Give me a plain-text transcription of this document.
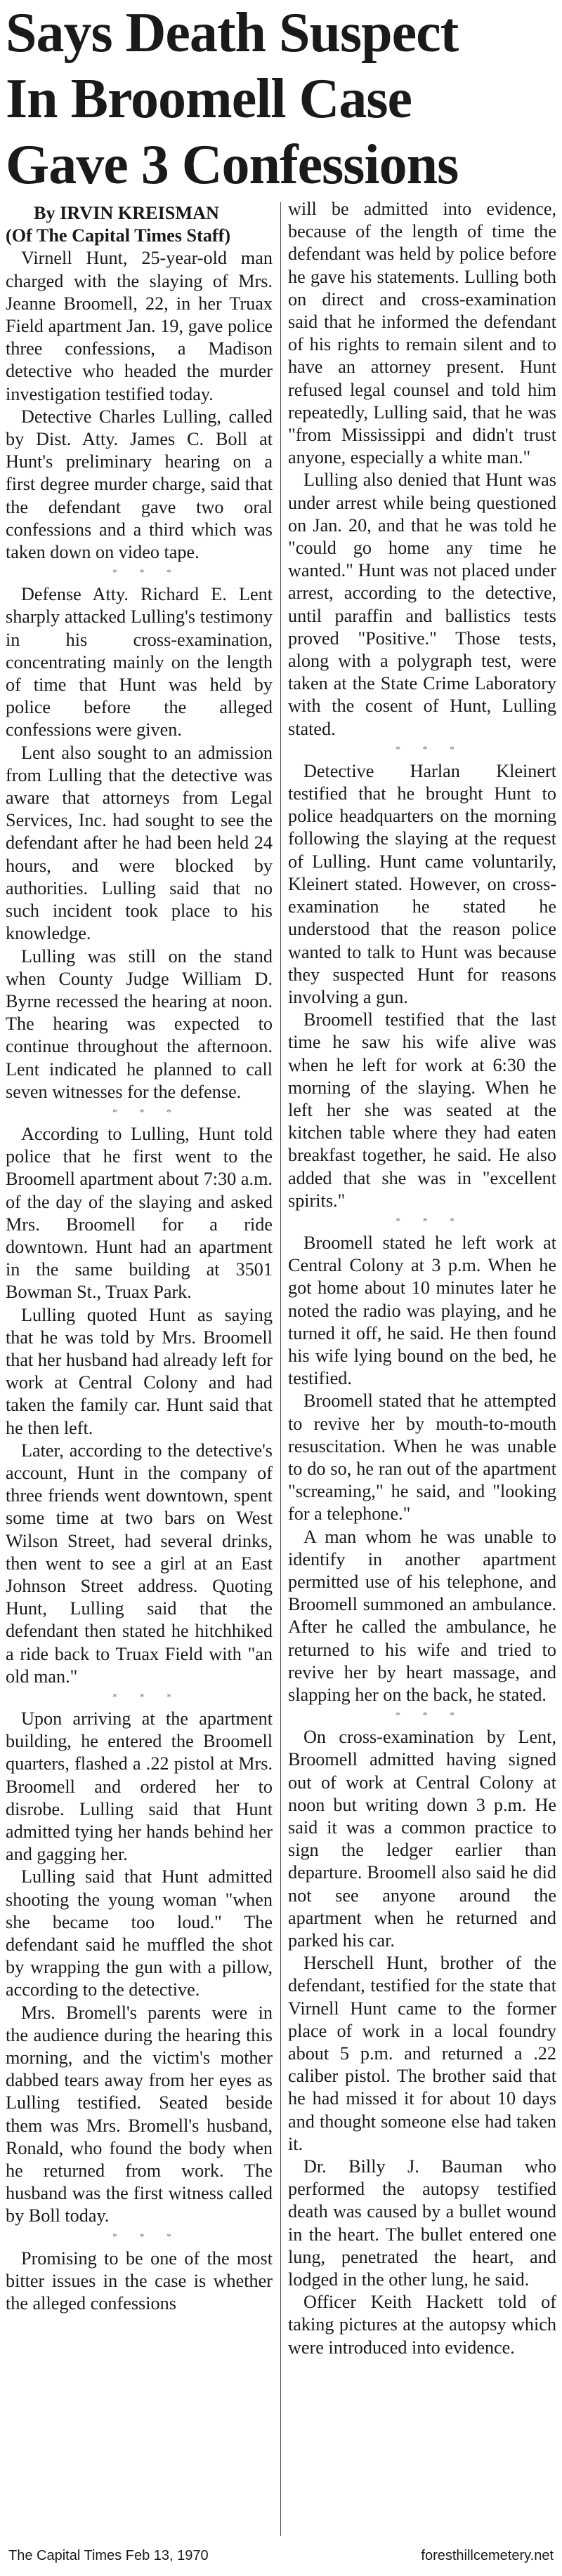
Says Death Suspect
In Broomell Case
Gave 3 Confessions

By IRVIN KREISMAN

(Of The Capital Times Staff)

Virnell Hunt, 25-year-old man charged with the slaying of Mrs. Jeanne Broomell, 22, in her Truax Field apartment Jan. 19, gave police three confessions, a Madison detective who headed the murder investigation testified today.

Detective Charles Lulling, called by Dist. Atty. James C. Boll at Hunt's preliminary hearing on a first degree murder charge, said that the defendant gave two oral confessions and a third which was taken down on video tape.

* * *

Defense Atty. Richard E. Lent sharply attacked Lulling's testimony in his cross-examination, concentrating mainly on the length of time that Hunt was held by police before the alleged confessions were given.

Lent also sought to an admission from Lulling that the detective was aware that attorneys from Legal Services, Inc. had sought to see the defendant after he had been held 24 hours, and were blocked by authorities. Lulling said that no such incident took place to his knowledge.

Lulling was still on the stand when County Judge William D. Byrne recessed the hearing at noon. The hearing was expected to continue throughout the afternoon. Lent indicated he planned to call seven witnesses for the defense.

* * *

According to Lulling, Hunt told police that he first went to the Broomell apartment about 7:30 a.m. of the day of the slaying and asked Mrs. Broomell for a ride downtown. Hunt had an apartment in the same building at 3501 Bowman St., Truax Park.

Lulling quoted Hunt as saying that he was told by Mrs. Broomell that her husband had already left for work at Central Colony and had taken the family car. Hunt said that he then left.

Later, according to the detective's account, Hunt in the company of three friends went downtown, spent some time at two bars on West Wilson Street, had several drinks, then went to see a girl at an East Johnson Street address. Quoting Hunt, Lulling said that the defendant then stated he hitchhiked a ride back to Truax Field with "an old man."

* * *

Upon arriving at the apartment building, he entered the Broomell quarters, flashed a .22 pistol at Mrs. Broomell and ordered her to disrobe. Lulling said that Hunt admitted tying her hands behind her and gagging her.

Lulling said that Hunt admitted shooting the young woman "when she became too loud." The defendant said he muffled the shot by wrapping the gun with a pillow, according to the detective.

Mrs. Bromell's parents were in the audience during the hearing this morning, and the victim's mother dabbed tears away from her eyes as Lulling testified. Seated beside them was Mrs. Bromell's husband, Ronald, who found the body when he returned from work. The husband was the first witness called by Boll today.

* * *

Promising to be one of the most bitter issues in the case is whether the alleged confessions

will be admitted into evidence, because of the length of time the defendant was held by police before he gave his statements. Lulling both on direct and cross-examination said that he informed the defendant of his rights to remain silent and to have an attorney present. Hunt refused legal counsel and told him repeatedly, Lulling said, that he was "from Mississippi and didn't trust anyone, especially a white man."

Lulling also denied that Hunt was under arrest while being questioned on Jan. 20, and that he was told he "could go home any time he wanted." Hunt was not placed under arrest, according to the detective, until paraffin and ballistics tests proved "Positive." Those tests, along with a polygraph test, were taken at the State Crime Laboratory with the cosent of Hunt, Lulling stated.

* * *

Detective Harlan Kleinert testified that he brought Hunt to police headquarters on the morning following the slaying at the request of Lulling. Hunt came voluntarily, Kleinert stated. However, on cross-examination he stated he understood that the reason police wanted to talk to Hunt was because they suspected Hunt for reasons involving a gun.

Broomell testified that the last time he saw his wife alive was when he left for work at 6:30 the morning of the slaying. When he left her she was seated at the kitchen table where they had eaten breakfast together, he said. He also added that she was in "excellent spirits."

* * *

Broomell stated he left work at Central Colony at 3 p.m. When he got home about 10 minutes later he noted the radio was playing, and he turned it off, he said. He then found his wife lying bound on the bed, he testified.

Broomell stated that he attempted to revive her by mouth-to-mouth resuscitation. When he was unable to do so, he ran out of the apartment "screaming," he said, and "looking for a telephone."

A man whom he was unable to identify in another apartment permitted use of his telephone, and Broomell summoned an ambulance. After he called the ambulance, he returned to his wife and tried to revive her by heart massage, and slapping her on the back, he stated.

* * *

On cross-examination by Lent, Broomell admitted having signed out of work at Central Colony at noon but writing down 3 p.m. He said it was a common practice to sign the ledger earlier than departure. Broomell also said he did not see anyone around the apartment when he returned and parked his car.

Herschell Hunt, brother of the defendant, testified for the state that Virnell Hunt came to the former place of work in a local foundry about 5 p.m. and returned a .22 caliber pistol. The brother said that he had missed it for about 10 days and thought someone else had taken it.

Dr. Billy J. Bauman who performed the autopsy testified death was caused by a bullet wound in the heart. The bullet entered one lung, penetrated the heart, and lodged in the other lung, he said.

Officer Keith Hackett told of taking pictures at the autopsy which were introduced into evidence.

The Capital Times Feb 13, 1970	foresthillcemetery.net
